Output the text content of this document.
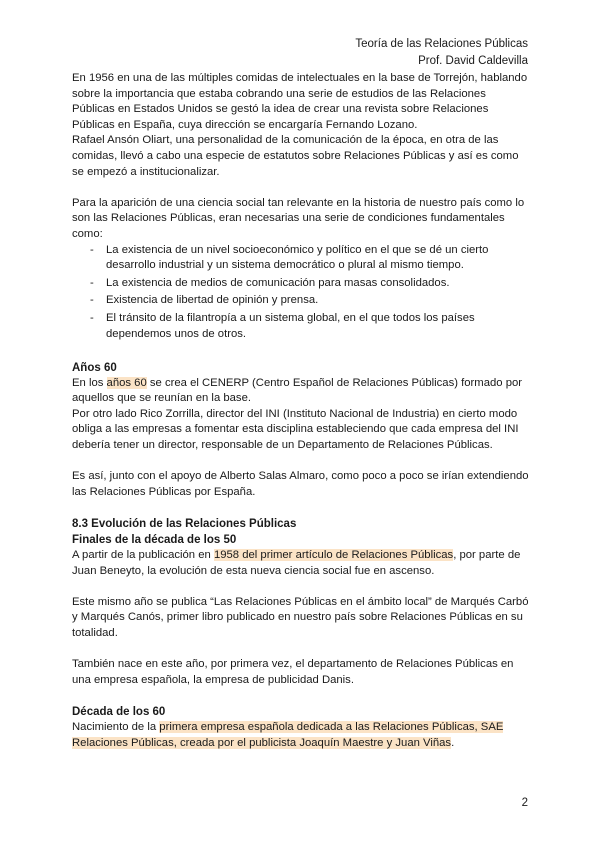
Teoría de las Relaciones Públicas
Prof. David Caldevilla

En 1956 en una de las múltiples comidas de intelectuales en la base de Torrejón, hablando sobre la importancia que estaba cobrando una serie de estudios de las Relaciones Públicas en Estados Unidos se gestó la idea de crear una revista sobre Relaciones Públicas en España, cuya dirección se encargaría Fernando Lozano.

Rafael Ansón Oliart, una personalidad de la comunicación de la época, en otra de las comidas, llevó a cabo una especie de estatutos sobre Relaciones Públicas y así es como se empezó a institucionalizar.

Para la aparición de una ciencia social tan relevante en la historia de nuestro país como lo son las Relaciones Públicas, eran necesarias una serie de condiciones fundamentales como:

- La existencia de un nivel socioeconómico y político en el que se dé un cierto desarrollo industrial y un sistema democrático o plural al mismo tiempo.
- La existencia de medios de comunicación para masas consolidados.
- Existencia de libertad de opinión y prensa.
- El tránsito de la filantropía a un sistema global, en el que todos los países dependemos unos de otros.
Años 60

En los años 60 se crea el CENERP (Centro Español de Relaciones Públicas) formado por aquellos que se reunían en la base.

Por otro lado Rico Zorrilla, director del INI (Instituto Nacional de Industria) en cierto modo obliga a las empresas a fomentar esta disciplina estableciendo que cada empresa del INI debería tener un director, responsable de un Departamento de Relaciones Públicas.

Es así, junto con el apoyo de Alberto Salas Almaro, como poco a poco se irían extendiendo las Relaciones Públicas por España.

8.3 Evolución de las Relaciones Públicas
Finales de la década de los 50

A partir de la publicación en 1958 del primer artículo de Relaciones Públicas, por parte de Juan Beneyto, la evolución de esta nueva ciencia social fue en ascenso.

Este mismo año se publica “Las Relaciones Públicas en el ámbito local” de Marqués Carbó y Marqués Canós, primer libro publicado en nuestro país sobre Relaciones Públicas en su totalidad.

También nace en este año, por primera vez, el departamento de Relaciones Públicas en una empresa española, la empresa de publicidad Danis.

Década de los 60

Nacimiento de la primera empresa española dedicada a las Relaciones Públicas, SAE Relaciones Públicas, creada por el publicista Joaquín Maestre y Juan Viñas.

2
